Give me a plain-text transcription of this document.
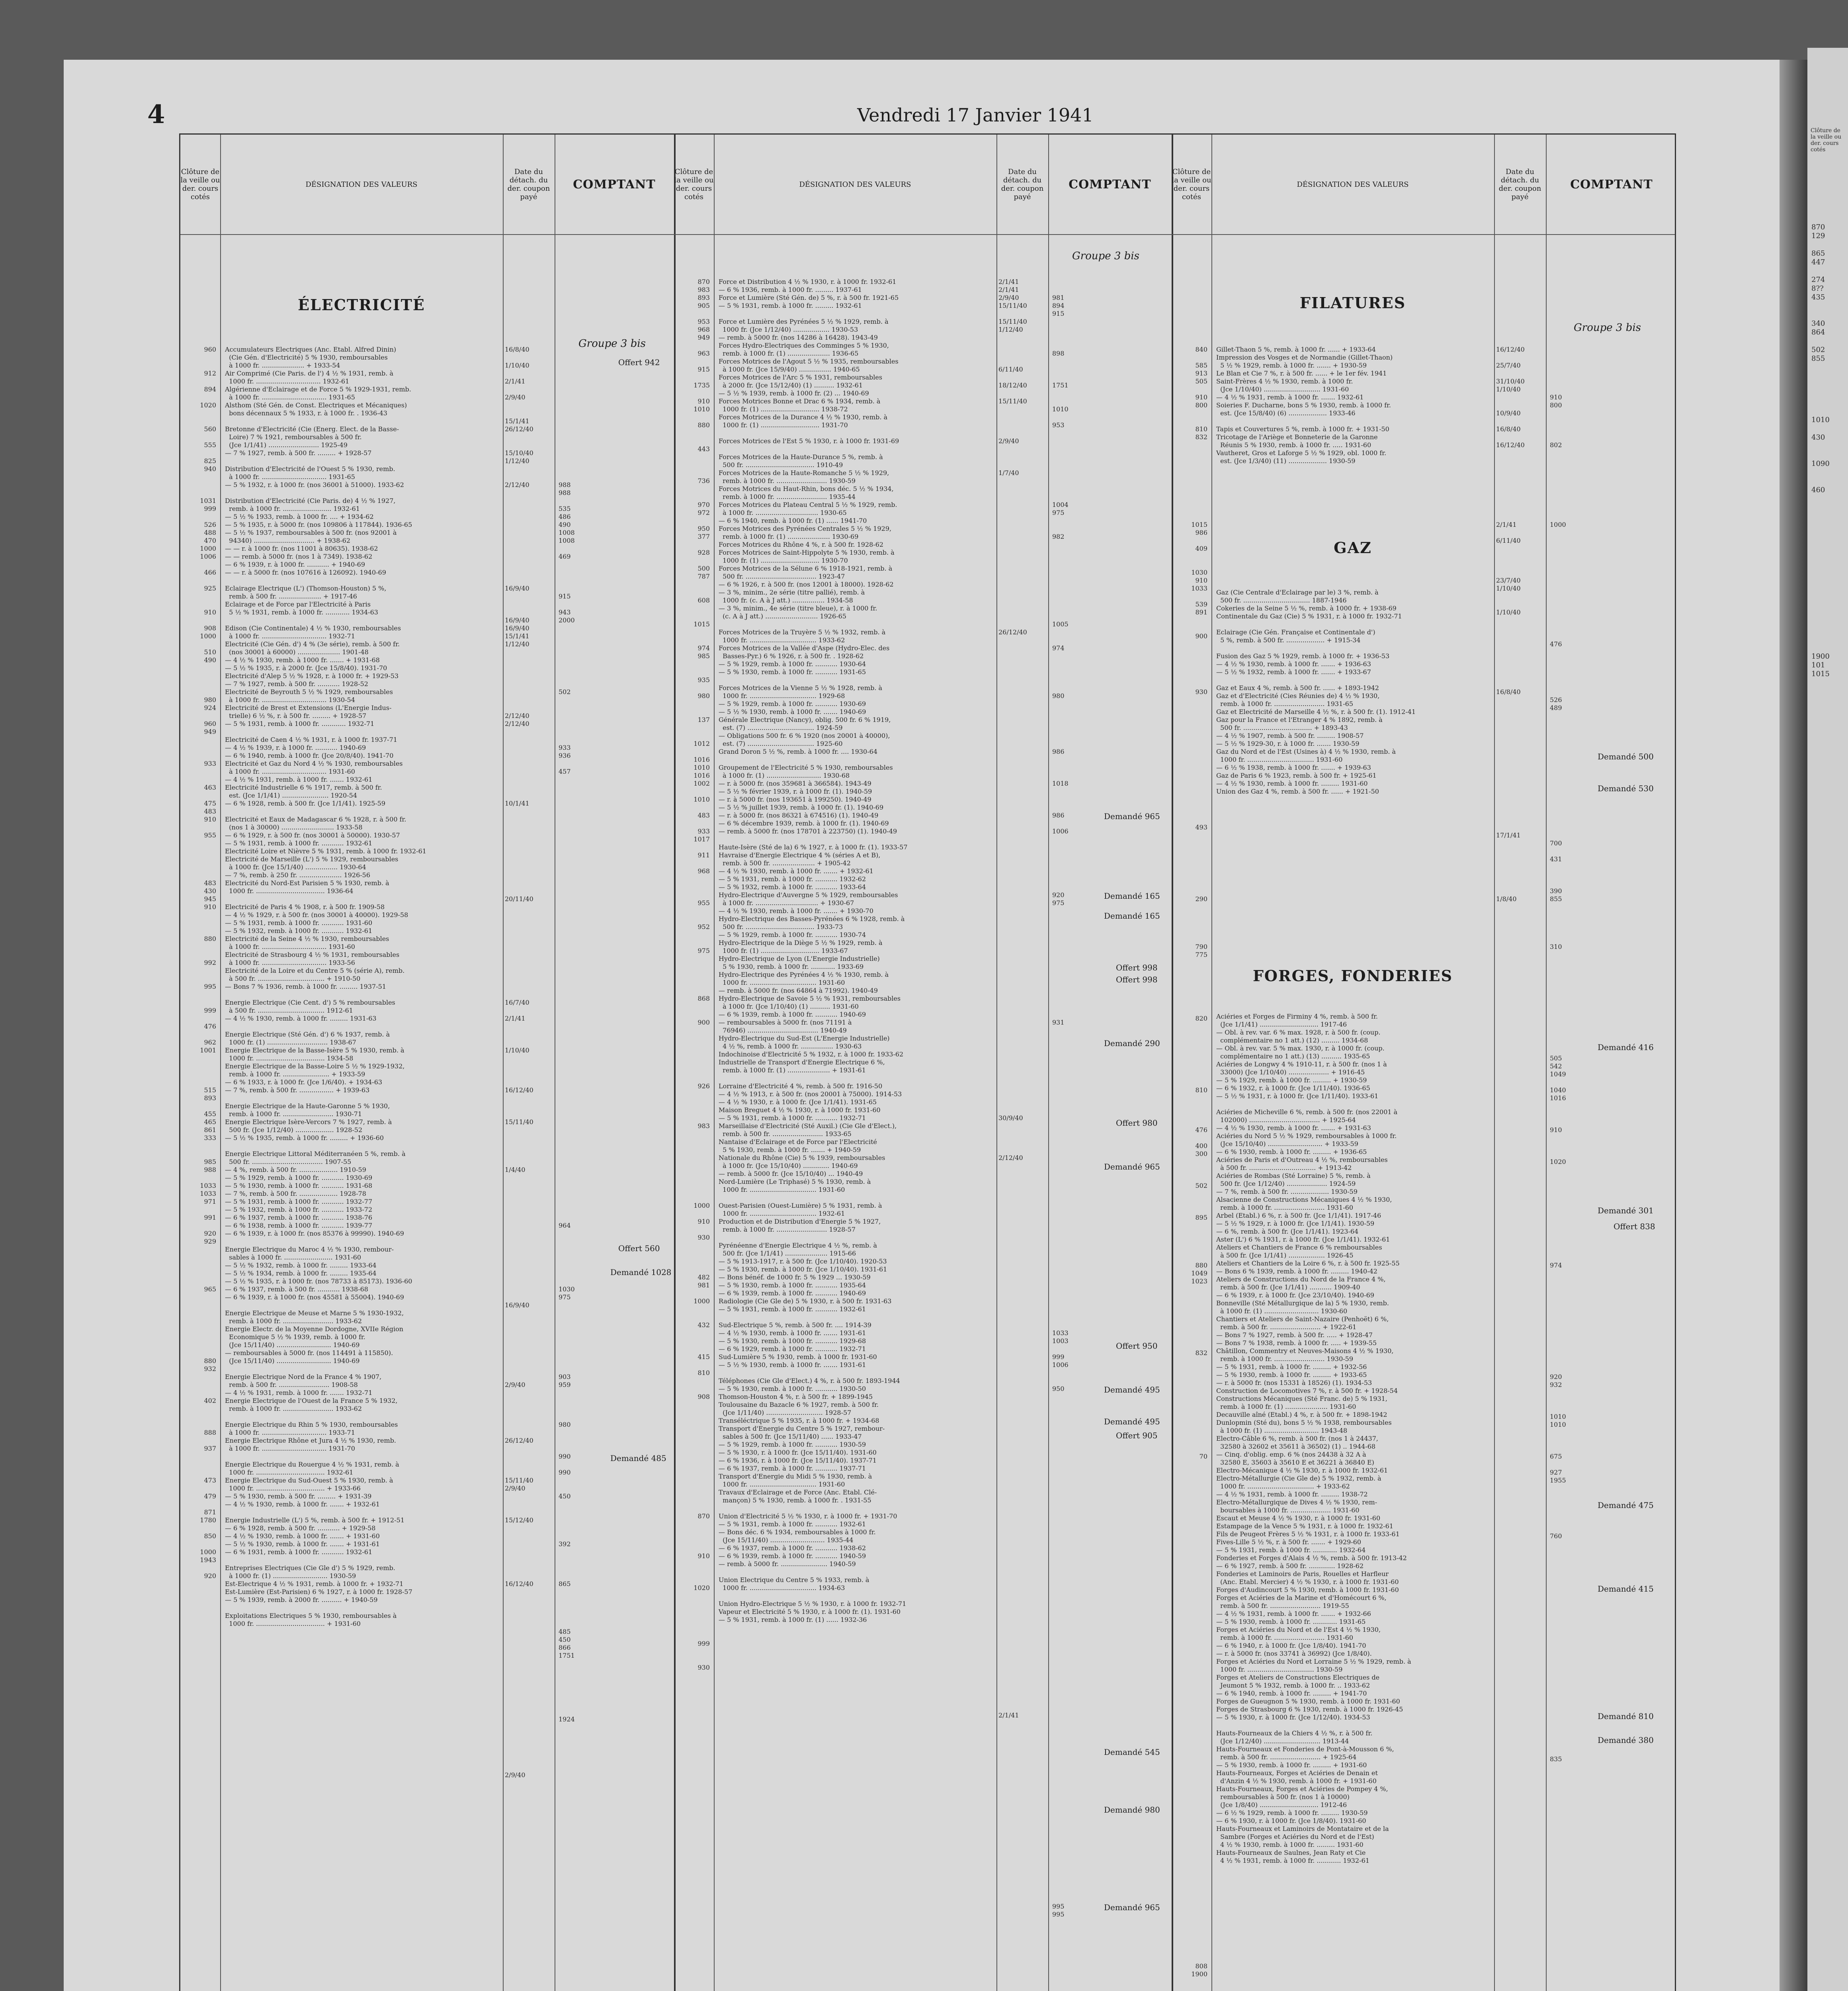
Clôture de la veille ou der. cours cotés
870
129

865
447

274
8??
435

340
864

502
855

1010

430

1090

460

1900
101
1015

4	Vendredi 17 Janvier 1941
Clôture de la veille ou der. cours cotés
DÉSIGNATION DES VALEURS
Date du détach. du der. coupon payé
COMPTANT
Clôture de la veille ou der. cours cotés
DÉSIGNATION DES VALEURS
Date du détach. du der. coupon payé
COMPTANT
Clôture de la veille ou der. cours cotés
DÉSIGNATION DES VALEURS
Date du détach. du der. coupon payé
COMPTANT
ÉLECTRICITÉ
Groupe 3 bis
960

912

894

1020

560

555

825
940

1031
999

526
488
470
1000
1006

466

925

910

908
1000

510
490

980
924

960
949

933

463

475
483
910

955

483
430
945
910

880

992

995

999

476

962
1001

515
893

455
465
861
333

985
988

1033
1033
971

991

920
929

965

880
932

402

888

937

473

479

871
1780

850

1000
1943

920
Accumulateurs Electriques (Anc. Etabl. Alfred Dinin)
(Cie Gén. d'Electricité) 5 % 1930, remboursables
à 1000 fr. ..................... + 1933-54
Air Comprimé (Cie Paris. de l') 4 ½ % 1931, remb. à
1000 fr. ................................ 1932-61
Algérienne d'Eclairage et de Force 5 % 1929-1931, remb.
à 1000 fr. ................................ 1931-65
Alsthom (Sté Gén. de Const. Electriques et Mécaniques)
bons décennaux 5 % 1933, r. à 1000 fr. . 1936-43

Bretonne d'Electricité (Cie (Energ. Elect. de la Basse-
Loire) 7 % 1921, remboursables à 500 fr.
(Jce 1/1/41) ......................... 1925-49
— 7 % 1927, remb. à 500 fr. ......... + 1928-57

Distribution d'Electricité de l'Ouest 5 % 1930, remb.
à 1000 fr. ................................ 1931-65
— 5 % 1932, r. à 1000 fr. (nos 36001 à 51000). 1933-62

Distribution d'Electricité (Cie Paris. de) 4 ½ % 1927,
remb. à 1000 fr. ........................ 1932-61
— 5 ½ % 1933, remb. à 1000 fr. .... + 1934-62
— 5 % 1935, r. à 5000 fr. (nos 109806 à 117844). 1936-65
— 5 ½ % 1937, remboursables à 500 fr. (nos 92001 à
94340) .............................. + 1938-62
— — r. à 1000 fr. (nos 11001 à 80635). 1938-62
— — remb. à 5000 fr. (nos 1 à 7349). 1938-62
— 6 % 1939, r. à 1000 fr. ........... + 1940-69
— — r. à 5000 fr. (nos 107616 à 126092). 1940-69

Eclairage Electrique (L') (Thomson-Houston) 5 %,
remb. à 500 fr. ..................... + 1917-46
Eclairage et de Force par l'Electricité à Paris
5 ½ % 1931, remb. à 1000 fr. ............ 1934-63

Edison (Cie Continentale) 4 ½ % 1930, remboursables
à 1000 fr. ................................ 1932-71
Electricité (Cie Gén. d') 4 % (3e série), remb. à 500 fr.
(nos 30001 à 60000) ..................... 1901-48
— 4 ½ % 1930, remb. à 1000 fr. ....... + 1931-68
— 5 ½ % 1935, r. à 2000 fr. (Jce 15/8/40). 1931-70
Electricité d'Alep 5 ½ % 1928, r. à 1000 fr. + 1929-53
— 7 % 1927, remb. à 500 fr. ........... 1928-52
Electricité de Beyrouth 5 ½ % 1929, remboursables
à 1000 fr. ................................ 1930-54
Electricité de Brest et Extensions (L'Energie Indus-
trielle) 6 ½ %, r. à 500 fr. ......... + 1928-57
— 5 % 1931, remb. à 1000 fr. ............ 1932-71

Electricité de Caen 4 ½ % 1931, r. à 1000 fr. 1937-71
— 4 ½ % 1939, r. à 1000 fr. ........... 1940-69
— 6 % 1940, remb. à 1000 fr. (Jce 20/8/40). 1941-70
Electricité et Gaz du Nord 4 ½ % 1930, remboursables
à 1000 fr. ................................ 1931-60
— 4 ½ % 1931, remb. à 1000 fr. ....... 1932-61
Electricité Industrielle 6 % 1917, remb. à 500 fr.
est. (Jce 1/1/41) ....................... 1920-54
— 6 % 1928, remb. à 500 fr. (Jce 1/1/41). 1925-59

Electricité et Eaux de Madagascar 6 % 1928, r. à 500 fr.
(nos 1 à 30000) .......................... 1933-58
— 6 % 1929, r. à 500 fr. (nos 30001 à 50000). 1930-57
— 5 % 1931, remb. à 1000 fr. ........... 1932-61
Electricité Loire et Nièvre 5 % 1931, remb. à 1000 fr. 1932-61
Electricité de Marseille (L') 5 % 1929, remboursables
à 1000 fr. (Jce 15/1/40) ................ 1930-64
— 7 %, remb. à 250 fr. ..................... 1926-56
Electricité du Nord-Est Parisien 5 % 1930, remb. à
1000 fr. .................................. 1936-64

Electricité de Paris 4 % 1908, r. à 500 fr. 1909-58
— 4 ½ % 1929, r. à 500 fr. (nos 30001 à 40000). 1929-58
— 5 % 1931, remb. à 1000 fr. ........... 1931-60
— 5 % 1932, remb. à 1000 fr. ........... 1932-61
Electricité de la Seine 4 ½ % 1930, remboursables
à 1000 fr. ................................ 1931-60
Electricité de Strasbourg 4 ½ % 1931, remboursables
à 1000 fr. ................................ 1933-56
Electricité de la Loire et du Centre 5 % (série A), remb.
à 500 fr. ................................. + 1910-50
— Bons 7 % 1936, remb. à 1000 fr. ......... 1937-51

Energie Electrique (Cie Cent. d') 5 % remboursables
à 500 fr. ................................. 1912-61
— 4 ½ % 1930, remb. à 1000 fr. ......... 1931-63

Energie Electrique (Sté Gén. d') 6 % 1937, remb. à
1000 fr. (1) .............................. 1938-67
Energie Electrique de la Basse-Isère 5 % 1930, remb. à
1000 fr. .................................. 1934-58
Energie Electrique de la Basse-Loire 5 ½ % 1929-1932,
remb. à 1000 fr. ....................... + 1933-59
— 6 % 1933, r. à 1000 fr. (Jce 1/6/40). + 1934-63
— 7 %, remb. à 500 fr. ................. + 1939-63

Energie Electrique de la Haute-Garonne 5 % 1930,
remb. à 1000 fr. ......................... 1930-71
Energie Electrique Isère-Vercors 7 % 1927, remb. à
500 fr. (Jce 1/12/40) ................... 1928-52
— 5 ½ % 1935, remb. à 1000 fr. ......... + 1936-60

Energie Electrique Littoral Méditerranéen 5 %, remb. à
500 fr. ................................... 1907-55
— 4 %, remb. à 500 fr. ................... 1910-59
— 5 % 1929, remb. à 1000 fr. ........... 1930-69
— 5 % 1930, remb. à 1000 fr. ........... 1931-68
— 7 %, remb. à 500 fr. ................... 1928-78
— 5 % 1931, remb. à 1000 fr. ........... 1932-77
— 5 % 1932, remb. à 1000 fr. ........... 1933-72
— 6 % 1937, remb. à 1000 fr. ........... 1938-76
— 6 % 1938, remb. à 1000 fr. ........... 1939-77
— 6 % 1939, r. à 1000 fr. (nos 85376 à 99990). 1940-69

Energie Electrique du Maroc 4 ½ % 1930, rembour-
sables à 1000 fr. ........................ 1931-60
— 5 ½ % 1932, remb. à 1000 fr. ......... 1933-64
— 5 ½ % 1934, remb. à 1000 fr. ......... 1935-64
— 5 ½ % 1935, r. à 1000 fr. (nos 78733 à 85173). 1936-60
— 6 % 1937, remb. à 500 fr. ........... 1938-68
— 6 % 1939, r. à 1000 fr. (nos 45581 à 55004). 1940-69

Energie Electrique de Meuse et Marne 5 % 1930-1932,
remb. à 1000 fr. ......................... 1933-62
Energie Electr. de la Moyenne Dordogne, XVIIe Région
Economique 5 ½ % 1939, remb. à 1000 fr.
(Jce 15/11/40) ........................... 1940-69
— remboursables à 5000 fr. (nos 114491 à 115850).
(Jce 15/11/40) ........................... 1940-69

Energie Electrique Nord de la France 4 % 1907,
remb. à 500 fr. ......................... 1908-58
— 4 ½ % 1931, remb. à 1000 fr. ....... 1932-71
Energie Electrique de l'Ouest de la France 5 % 1932,
remb. à 1000 fr. ......................... 1933-62

Energie Electrique du Rhin 5 % 1930, remboursables
à 1000 fr. ................................ 1933-71
Energie Electrique Rhône et Jura 4 ½ % 1930, remb.
à 1000 fr. ................................ 1931-70

Energie Electrique du Rouergue 4 ½ % 1931, remb. à
1000 fr. .................................. 1932-61
Energie Electrique du Sud-Ouest 5 % 1930, remb. à
1000 fr. .................................. + 1933-66
— 5 % 1930, remb. à 500 fr. ......... + 1931-39
— 4 ½ % 1930, remb. à 1000 fr. ....... + 1932-61

Energie Industrielle (L') 5 %, remb. à 500 fr. + 1912-51
— 6 % 1928, remb. à 500 fr. ........... + 1929-58
— 4 ½ % 1930, remb. à 1000 fr. ....... + 1931-60
— 5 ½ % 1930, remb. à 1000 fr. ....... + 1931-61
— 6 % 1931, remb. à 1000 fr. ........... 1932-61

Entreprises Electriques (Cie Gle d') 5 % 1929, remb.
à 1000 fr. (1) ........................... 1930-59
Est-Electrique 4 ½ % 1931, remb. à 1000 fr. + 1932-71
Est-Lumière (Est-Parisien) 6 % 1927, r. à 1000 fr. 1928-57
— 5 % 1939, remb. à 2000 fr. .......... + 1940-59

Exploitations Electriques 5 % 1930, remboursables à
1000 fr. .................................. + 1931-60
16/8/40

1/10/40

2/1/41

2/9/40

15/1/41
26/12/40

15/10/40
1/12/40

2/12/40

16/9/40

16/9/40
16/9/40
15/1/41
1/12/40

2/12/40
2/12/40

10/1/41

20/11/40

16/7/40

2/1/41

1/10/40

16/12/40

15/11/40

1/4/40

16/9/40

2/9/40

26/12/40

15/11/40
2/9/40

15/12/40

16/12/40

2/9/40

988
988

535
486
490
1008
1008

469

915

943
2000

502

933
936

457

964

1030
975

903
959

980

990

990

450

392

865

485
450
866
1751

1924
Offert 942
Offert 560
Demandé 1028
Demandé 485
Groupe 3 bis
870
983
893
905

953
968
949

963

915

1735

910
1010

880

443

736

970
972

950
377

928

500
787

608

1015

974
985

935

980

137

1012

1016
1010
1016
1002

1010

483

933
1017

911

968

955

952

975

868

900

926

983

1000

910

930

482
981

1000

432

415

810

908

870

910

1020

999

930
Force et Distribution 4 ½ % 1930, r. à 1000 fr. 1932-61
— 6 % 1936, remb. à 1000 fr. ......... 1937-61
Force et Lumière (Sté Gén. de) 5 %, r. à 500 fr. 1921-65
— 5 % 1931, remb. à 1000 fr. ......... 1932-61

Force et Lumière des Pyrénées 5 ½ % 1929, remb. à
1000 fr. (Jce 1/12/40) .................. 1930-53
— remb. à 5000 fr. (nos 14286 à 16428). 1943-49
Forces Hydro-Electriques des Comminges 5 % 1930,
remb. à 1000 fr. (1) ..................... 1936-65
Forces Motrices de l'Agout 5 ½ % 1935, remboursables
à 1000 fr. (Jce 15/9/40) ................ 1940-65
Forces Motrices de l'Arc 5 % 1931, remboursables
à 2000 fr. (Jce 15/12/40) (1) .......... 1932-61
— 5 ½ % 1939, remb. à 1000 fr. (2) ... 1940-69
Forces Motrices Bonne et Drac 6 % 1934, remb. à
1000 fr. (1) ............................. 1938-72
Forces Motrices de la Durance 4 ½ % 1930, remb. à
1000 fr. (1) ............................. 1931-70

Forces Motrices de l'Est 5 % 1930, r. à 1000 fr. 1931-69

Forces Motrices de la Haute-Durance 5 %, remb. à
500 fr. .................................. 1910-49
Forces Motrices de la Haute-Romanche 5 ½ % 1929,
remb. à 1000 fr. ......................... 1930-59
Forces Motrices du Haut-Rhin, bons déc. 5 ½ % 1934,
remb. à 1000 fr. ......................... 1935-44
Forces Motrices du Plateau Central 5 ½ % 1929, remb.
à 1000 fr. ............................... 1930-65
— 6 % 1940, remb. à 1000 fr. (1) ...... 1941-70
Forces Motrices des Pyrénées Centrales 5 ½ % 1929,
remb. à 1000 fr. (1) ..................... 1930-69
Forces Motrices du Rhône 4 %, r. à 500 fr. 1928-62
Forces Motrices de Saint-Hippolyte 5 % 1930, remb. à
1000 fr. (1) ............................. 1930-70
Forces Motrices de la Sélune 6 % 1918-1921, remb. à
500 fr. ................................... 1923-47
— 6 % 1926, r. à 500 fr. (nos 12001 à 18000). 1928-62
— 3 %, minim., 2e série (titre pallié), remb. à
1000 fr. (c. A à J att.) ................ 1934-58
— 3 %, minim., 4e série (titre bleue), r. à 1000 fr.
(c. A à J att.) .......................... 1926-65

Forces Motrices de la Truyère 5 ½ % 1932, remb. à
1000 fr. ................................. 1933-62
Forces Motrices de la Vallée d'Aspe (Hydro-Elec. des
Basses-Pyr.) 6 % 1926, r. à 500 fr. . 1928-62
— 5 % 1929, remb. à 1000 fr. ........... 1930-64
— 5 % 1930, remb. à 1000 fr. ........... 1931-65

Forces Motrices de la Vienne 5 ½ % 1928, remb. à
1000 fr. ................................. 1929-68
— 5 % 1929, remb. à 1000 fr. ........... 1930-69
— 5 ½ % 1930, remb. à 1000 fr. ....... 1940-69
Générale Electrique (Nancy), oblig. 500 fr. 6 % 1919,
est. (7) ................................. 1924-59
— Obligations 500 fr. 6 % 1920 (nos 20001 à 40000),
est. (7) ................................. 1925-60
Grand Doron 5 ½ %, remb. à 1000 fr. .... 1930-64

Groupement de l'Electricité 5 % 1930, remboursables
à 1000 fr. (1) ........................... 1930-68
— r. à 5000 fr. (nos 359681 à 366584). 1943-49
— 5 ½ % février 1939, r. à 1000 fr. (1). 1940-59
— r. à 5000 fr. (nos 193651 à 199250). 1940-49
— 5 ½ % juillet 1939, remb. à 1000 fr. (1). 1940-69
— r. à 5000 fr. (nos 86321 à 674516) (1). 1940-49
— 6 % décembre 1939, remb. à 1000 fr. (1). 1940-69
— remb. à 5000 fr. (nos 178701 à 223750) (1). 1940-49

Haute-Isère (Sté de la) 6 % 1927, r. à 1000 fr. (1). 1933-57
Havraise d'Energie Electrique 4 % (séries A et B),
remb. à 500 fr. ..................... + 1905-42
— 4 ½ % 1930, remb. à 1000 fr. ....... + 1932-61
— 5 % 1931, remb. à 1000 fr. ........... 1932-62
— 5 % 1932, remb. à 1000 fr. ........... 1933-64
Hydro-Electrique d'Auvergne 5 % 1929, remboursables
à 1000 fr. ............................... + 1930-67
— 4 ½ % 1930, remb. à 1000 fr. ....... + 1930-70
Hydro-Electrique des Basses-Pyrénées 6 % 1928, remb. à
500 fr. .................................. 1933-73
— 5 % 1929, remb. à 1000 fr. ........... 1930-74
Hydro-Electrique de la Diège 5 ½ % 1929, remb. à
1000 fr. (1) ............................. 1933-67
Hydro-Electrique de Lyon (L'Energie Industrielle)
5 % 1930, remb. à 1000 fr. ............ 1933-69
Hydro-Electrique des Pyrénées 4 ½ % 1930, remb. à
1000 fr. ................................. 1931-60
— remb. à 5000 fr. (nos 64864 à 71992). 1940-49
Hydro-Electrique de Savoie 5 ½ % 1931, remboursables
à 1000 fr. (Jce 1/10/40) (1) .......... 1931-60
— 6 % 1939, remb. à 1000 fr. ........... 1940-69
— remboursables à 5000 fr. (nos 71191 à
76946) ................................... 1940-49
Hydro-Electrique du Sud-Est (L'Energie Industrielle)
4 ½ %, remb. à 1000 fr. ................ 1930-63
Indochinoise d'Electricité 5 % 1932, r. à 1000 fr. 1933-62
Industrielle de Transport d'Energie Electrique 6 %,
remb. à 1000 fr. (1) ..................... + 1931-61

Lorraine d'Electricité 4 %, remb. à 500 fr. 1916-50
— 4 ½ % 1913, r. à 500 fr. (nos 20001 à 75000). 1914-53
— 4 ½ % 1930, r. à 1000 fr. (Jce 1/1/41). 1931-65
Maison Breguet 4 ½ % 1930, r. à 1000 fr. 1931-60
— 5 % 1931, remb. à 1000 fr. ........... 1932-71
Marseillaise d'Electricité (Sté Auxil.) (Cie Gle d'Elect.),
remb. à 500 fr. ......................... 1933-65
Nantaise d'Eclairage et de Force par l'Electricité
5 % 1930, remb. à 1000 fr. ....... + 1940-59
Nationale du Rhône (Cie) 5 % 1939, remboursables
à 1000 fr. (Jce 15/10/40) ............. 1940-69
— remb. à 5000 fr. (Jce 15/10/40) ... 1940-49
Nord-Lumière (Le Triphasé) 5 % 1930, remb. à
1000 fr. ................................. 1931-60

Ouest-Parisien (Ouest-Lumière) 5 % 1931, remb. à
1000 fr. ................................. 1932-61
Production et de Distribution d'Energie 5 % 1927,
remb. à 1000 fr. ......................... 1928-57

Pyrénéenne d'Energie Electrique 4 ½ %, remb. à
500 fr. (Jce 1/1/41) ..................... 1915-66
— 5 % 1913-1917, r. à 500 fr. (Jce 1/10/40). 1920-53
— 5 % 1930, remb. à 1000 fr. (Jce 1/10/40). 1931-61
— Bons bénéf. de 1000 fr. 5 % 1929 ... 1930-59
— 5 % 1930, remb. à 1000 fr. ........... 1935-64
— 6 % 1939, remb. à 1000 fr. ........... 1940-69
Radiologie (Cie Gle de) 5 % 1930, r. à 500 fr. 1931-63
— 5 % 1931, remb. à 1000 fr. ........... 1932-61

Sud-Electrique 5 %, remb. à 500 fr. .... 1914-39
— 4 ½ % 1930, remb. à 1000 fr. ....... 1931-61
— 5 % 1930, remb. à 1000 fr. ........... 1929-68
— 6 % 1929, remb. à 1000 fr. ........... 1932-71
Sud-Lumière 5 % 1930, remb. à 1000 fr. 1931-60
— 5 ½ % 1930, remb. à 1000 fr. ....... 1931-61

Téléphones (Cie Gle d'Elect.) 4 %, r. à 500 fr. 1893-1944
— 5 % 1930, remb. à 1000 fr. ........... 1930-50
Thomson-Houston 4 %, r. à 500 fr. + 1899-1945
Toulousaine du Bazacle 6 % 1927, remb. à 500 fr.
(Jce 1/11/40) ............................ 1928-57
Transéléctrique 5 % 1935, r. à 1000 fr. + 1934-68
Transport d'Energie du Centre 5 % 1927, rembour-
sables à 500 fr. (Jce 15/11/40) ...... 1933-47
— 5 % 1929, remb. à 1000 fr. ........... 1930-59
— 5 % 1930, r. à 1000 fr. (Jce 15/11/40). 1931-60
— 6 % 1936, r. à 1000 fr. (Jce 15/11/40). 1937-71
— 6 % 1937, remb. à 1000 fr. ........... 1937-71
Transport d'Energie du Midi 5 % 1930, remb. à
1000 fr. ................................. 1931-60
Travaux d'Eclairage et de Force (Anc. Etabl. Clé-
mançon) 5 % 1930, remb. à 1000 fr. . 1931-55

Union d'Electricité 5 ½ % 1930, r. à 1000 fr. + 1931-70
— 5 % 1931, remb. à 1000 fr. ........... 1932-61
— Bons déc. 6 % 1934, remboursables à 1000 fr.
(Jce 15/11/40) ........................... 1935-44
— 6 % 1937, remb. à 1000 fr. ........... 1938-62
— 6 % 1939, remb. à 1000 fr. ........... 1940-59
— remb. à 5000 fr. ....................... 1940-59

Union Electrique du Centre 5 % 1933, remb. à
1000 fr. ................................. 1934-63

Union Hydro-Electrique 5 ½ % 1930, r. à 1000 fr. 1932-71
Vapeur et Electricité 5 % 1930, r. à 1000 fr. (1). 1931-60
— 5 % 1931, remb. à 1000 fr. (1) ...... 1932-36
2/1/41
2/1/41
2/9/40
15/11/40

15/11/40
1/12/40

6/11/40

18/12/40

15/11/40

2/9/40

1/7/40

26/12/40

30/9/40

2/12/40

2/1/41

981
894
915

898

1751

1010

953

1004
975

982

1005

974

980

986

1018

986

1006

920
975

931

1033
1003

999
1006

950

995
995
Demandé 965
Demandé 165
Demandé 165
Offert 998
Offert 998
Demandé 290
Offert 980
Demandé 965
Offert 950
Demandé 495
Demandé 495
Offert 905
Demandé 545
Demandé 980
Demandé 965
FILATURES
Groupe 3 bis
Gillet-Thaon 5 %, remb. à 1000 fr. ...... + 1933-64
Impression des Vosges et de Normandie (Gillet-Thaon)
5 ½ % 1929, remb. à 1000 fr. ....... + 1930-59
Le Blan et Cie 7 %, r. à 500 fr. ...... + le 1er fév. 1941
Saint-Frères 4 ½ % 1930, remb. à 1000 fr.
(Jce 1/10/40) ............................ 1931-60
— 4 ½ % 1931, remb. à 1000 fr. ....... 1932-61
Soieries F. Ducharne, bons 5 % 1930, remb. à 1000 fr.
est. (Jce 15/8/40) (6) ................... 1933-46

Tapis et Couvertures 5 %, remb. à 1000 fr. + 1931-50
Tricotage de l'Ariège et Bonneterie de la Garonne
Réunis 5 % 1930, remb. à 1000 fr. ..... 1931-60
Vautheret, Gros et Laforge 5 ½ % 1929, obl. 1000 fr.
est. (Jce 1/3/40) (11) ................... 1930-59
GAZ
Gaz (Cie Centrale d'Eclairage par le) 3 %, remb. à
500 fr. ................................. 1887-1946
Cokeries de la Seine 5 ½ %, remb. à 1000 fr. + 1938-69
Continentale du Gaz (Cie) 5 % 1931, r. à 1000 fr. 1932-71

Eclairage (Cie Gén. Française et Continentale d')
5 %, remb. à 500 fr. ................... + 1915-34

Fusion des Gaz 5 % 1929, remb. à 1000 fr. + 1936-53
— 4 ½ % 1930, remb. à 1000 fr. ....... + 1936-63
— 5 ½ % 1932, remb. à 1000 fr. ....... + 1933-67

Gaz et Eaux 4 %, remb. à 500 fr. ...... + 1893-1942
Gaz et d'Electricité (Cies Réunies de) 4 ½ % 1930,
remb. à 1000 fr. ......................... 1931-65
Gaz et Electricité de Marseille 4 ½ %, r. à 500 fr. (1). 1912-41
Gaz pour la France et l'Etranger 4 % 1892, remb. à
500 fr. .................................. + 1893-43
— 4 ½ % 1907, remb. à 500 fr. ......... 1908-57
— 5 ½ % 1929-30, r. à 1000 fr. ....... 1930-59
Gaz du Nord et de l'Est (Usines à) 4 ½ % 1930, remb. à
1000 fr. ................................. 1931-60
— 6 ½ % 1938, remb. à 1000 fr. ....... + 1939-63
Gaz de Paris 6 % 1923, remb. à 500 fr. + 1925-61
— 4 ½ % 1930, remb. à 1000 fr. ......... 1931-60
Union des Gaz 4 %, remb. à 500 fr. ...... + 1921-50
FORGES, FONDERIES
Aciéries et Forges de Firminy 4 %, remb. à 500 fr.
(Jce 1/1/41) ............................. 1917-46
— Obl. à rev. var. 6 % max. 1928, r. à 500 fr. (coup.
complémentaire no 1 att.) (12) ......... 1934-68
— Obl. à rev. var. 5 % max. 1930, r. à 1000 fr. (coup.
complémentaire no 1 att.) (13) .......... 1935-65
Aciéries de Longwy 4 % 1910-11, r. à 500 fr. (nos 1 à
33000) (Jce 1/10/40) .................... + 1916-45
— 5 % 1929, remb. à 1000 fr. ......... + 1930-59
— 6 % 1932, r. à 1000 fr. (Jce 1/11/40). 1936-65
— 5 ½ % 1931, r. à 1000 fr. (Jce 1/11/40). 1933-61

Aciéries de Micheville 6 %, remb. à 500 fr. (nos 22001 à
102000) ................................... + 1925-64
— 4 ½ % 1930, remb. à 1000 fr. ....... + 1931-63
Aciéries du Nord 5 ½ % 1929, remboursables à 1000 fr.
(Jce 15/10/40) ........................... + 1933-59
— 6 % 1930, remb. à 1000 fr. ......... + 1936-65
Aciéries de Paris et d'Outreau 4 ½ %, remboursables
à 500 fr. ................................. + 1913-42
Aciéries de Rombas (Sté Lorraine) 5 %, remb. à
500 fr. (Jce 1/12/40) .................... 1924-59
— 7 %, remb. à 500 fr. ................... 1930-59
Alsacienne de Constructions Mécaniques 4 ½ % 1930,
remb. à 1000 fr. ......................... 1931-60
Arbel (Etabl.) 6 %, r. à 500 fr. (Jce 1/1/41). 1917-46
— 5 ½ % 1929, r. à 1000 fr. (Jce 1/1/41). 1930-59
— 6 %, remb. à 500 fr. (Jce 1/1/41). 1923-64
Aster (L') 6 % 1931, r. à 1000 fr. (Jce 1/1/41). 1932-61
Ateliers et Chantiers de France 6 % remboursables
à 500 fr. (Jce 1/1/41) .................. 1926-45
Ateliers et Chantiers de la Loire 6 %, r. à 500 fr. 1925-55
— Bons 6 % 1939, remb. à 1000 fr. ......... 1940-42
Ateliers de Constructions du Nord de la France 4 %,
remb. à 500 fr. (Jce 1/1/41) ........... 1909-40
— 6 % 1939, r. à 1000 fr. (Jce 23/10/40). 1940-69
Bonneville (Sté Métallurgique de la) 5 % 1930, remb.
à 1000 fr. (1) ........................... 1930-60
Chantiers et Ateliers de Saint-Nazaire (Penhoët) 6 %,
remb. à 500 fr. ......................... + 1922-61
— Bons 7 % 1927, remb. à 500 fr. ..... + 1928-47
— Bons 7 % 1938, remb. à 1000 fr. ..... + 1939-55
Châtillon, Commentry et Neuves-Maisons 4 ½ % 1930,
remb. à 1000 fr. ......................... 1930-59
— 5 % 1931, remb. à 1000 fr. ......... + 1932-56
— 5 % 1930, remb. à 1000 fr. ......... + 1933-65
— r. à 5000 fr. (nos 15331 à 18526) (1). 1934-53
Construction de Locomotives 7 %, r. à 500 fr. + 1928-54
Constructions Mécaniques (Sté Franc. de) 5 % 1931,
remb. à 1000 fr. (1) ..................... 1931-60
Decauville aîné (Etabl.) 4 %, r. à 500 fr. + 1898-1942
Dunlopmin (Sté du), bons 5 ½ % 1938, remboursables
à 1000 fr. (1) ........................... 1943-48
Electro-Câble 6 %, remb. à 500 fr. (nos 1 à 24437,
32580 à 32602 et 35611 à 36502) (1) .. 1944-68
— Cinq. d'oblig. emp. 6 % (nos 24438 à 32 A à
32580 E, 35603 à 35610 E et 36221 à 36840 E)
Electro-Mécanique 4 ½ % 1930, r. à 1000 fr. 1932-61
Electro-Métallurgie (Cie Gle de) 5 % 1932, remb. à
1000 fr. ................................. + 1933-62
— 4 ½ % 1931, remb. à 1000 fr. ......... 1938-72
Electro-Métallurgique de Dives 4 ½ % 1930, rem-
boursables à 1000 fr. .................... 1931-60
Escaut et Meuse 4 ½ % 1930, r. à 1000 fr. 1931-60
Estampage de la Vence 5 % 1931, r. à 1000 fr. 1932-61
Fils de Peugeot Frères 5 ½ % 1931, r. à 1000 fr. 1933-61
Fives-Lille 5 ½ %, r. à 500 fr. ....... + 1929-60
— 5 % 1931, remb. à 1000 fr. ............ 1932-64
Fonderies et Forges d'Alais 4 ½ %, remb. à 500 fr. 1913-42
— 6 % 1927, remb. à 500 fr. ............. 1928-62
Fonderies et Laminoirs de Paris, Rouelles et Harfleur
(Anc. Etabl. Mercier) 4 ½ % 1930, r. à 1000 fr. 1931-60
Forges d'Audincourt 5 % 1930, remb. à 1000 fr. 1931-60
Forges et Aciéries de la Marine et d'Homécourt 6 %,
remb. à 500 fr. ......................... 1919-55
— 4 ½ % 1931, remb. à 1000 fr. ....... + 1932-66
— 5 % 1930, remb. à 1000 fr. ............ 1931-65
Forges et Aciéries du Nord et de l'Est 4 ½ % 1930,
remb. à 1000 fr. ......................... 1931-60
— 6 % 1940, r. à 1000 fr. (Jce 1/8/40). 1941-70
— r. à 5000 fr. (nos 33741 à 36992) (Jce 1/8/40).
Forges et Aciéries du Nord et Lorraine 5 ½ % 1929, remb. à
1000 fr. ................................. 1930-59
Forges et Ateliers de Constructions Electriques de
Jeumont 5 % 1932, remb. à 1000 fr. .. 1933-62
— 6 % 1940, remb. à 1000 fr. ......... + 1941-70
Forges de Gueugnon 5 % 1930, remb. à 1000 fr. 1931-60
Forges de Strasbourg 6 % 1930, remb. à 1000 fr. 1926-45
— 5 % 1930, r. à 1000 fr. (Jce 1/12/40). 1934-53

Hauts-Fourneaux de la Chiers 4 ½ %, r. à 500 fr.
(Jce 1/12/40) ............................ 1913-44
Hauts-Fourneaux et Fonderies de Pont-à-Mousson 6 %,
remb. à 500 fr. ......................... + 1925-64
— 5 % 1930, remb. à 1000 fr. ......... + 1931-60
Hauts-Fourneaux, Forges et Aciéries de Denain et
d'Anzin 4 ½ % 1930, remb. à 1000 fr. + 1931-60
Hauts-Fourneaux, Forges et Aciéries de Pompey 4 %,
remboursables à 500 fr. (nos 1 à 10000)
(Jce 1/8/40) ............................. 1912-46
— 6 ½ % 1929, remb. à 1000 fr. ......... 1930-59
— 6 % 1930, r. à 1000 fr. (Jce 1/8/40). 1931-60
Hauts-Fourneaux et Laminoirs de Montataire et de la
Sambre (Forges et Aciéries du Nord et de l'Est)
4 ½ % 1930, remb. à 1000 fr. ......... 1931-60
Hauts-Fourneaux de Saulnes, Jean Raty et Cie
4 ½ % 1931, remb. à 1000 fr. ............ 1932-61
840

585
913
505

910
800

810
832

1015
986

409

1030
910
1033

539
891

900

930

493

290

790
775

820

810

476

400
300

502

895

880
1049
1023

832

70

808
1900

16/12/40

25/7/40

31/10/40
1/10/40

10/9/40

16/8/40

16/12/40

2/1/41

6/11/40

23/7/40
1/10/40

1/10/40

16/8/40

17/1/41

1/8/40

910
800

802

1000

476

526
489

700

431

390
855

310

505
542
1049

1040
1016

910

1020

974

920
932

1010
1010

675

927
1955

760

835
Demandé 500
Demandé 530
Demandé 416
Demandé 301
Offert 838
Demandé 475
Demandé 415
Demandé 810
Demandé 380
